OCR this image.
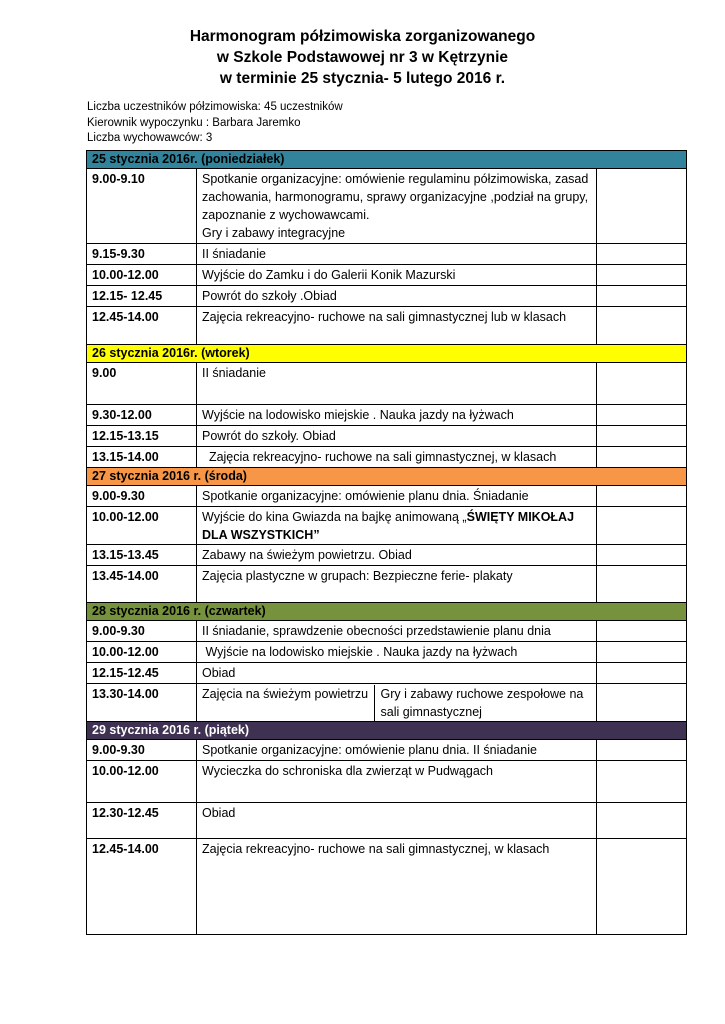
Harmonogram półzimowiska zorganizowanego
w Szkole Podstawowej nr 3 w Kętrzynie
w terminie 25 stycznia- 5 lutego 2016 r.
Liczba uczestników półzimowiska: 45 uczestników
Kierownik wypoczynku : Barbara Jaremko
Liczba wychowawców: 3
25 stycznia 2016r. (poniedziałek)
9.00-9.10	Spotkanie organizacyjne: omówienie regulaminu półzimowiska, zasad zachowania, harmonogramu, sprawy organizacyjne ,podział na grupy, zapoznanie z wychowawcami.
Gry i zabawy integracyjne

9.15-9.30	II śniadanie	
10.00-12.00	Wyjście do Zamku i do Galerii Konik Mazurski	
12.15- 12.45	Powrót do szkoły .Obiad	
12.45-14.00	Zajęcia rekreacyjno- ruchowe na sali gimnastycznej lub w klasach	
26 stycznia 2016r. (wtorek)
9.00	II śniadanie	
9.30-12.00	Wyjście na lodowisko miejskie . Nauka jazdy na łyżwach	
12.15-13.15	Powrót do szkoły. Obiad	
13.15-14.00	Zajęcia rekreacyjno- ruchowe na sali gimnastycznej, w klasach	
27 stycznia 2016 r. (środa)
9.00-9.30	Spotkanie organizacyjne: omówienie planu dnia. Śniadanie	
10.00-12.00	Wyjście do kina Gwiazda na bajkę animowaną „ŚWIĘTY MIKOŁAJ DLA WSZYSTKICH”	
13.15-13.45	Zabawy na świeżym powietrzu. Obiad	
13.45-14.00	Zajęcia plastyczne w grupach: Bezpieczne ferie- plakaty	
28 stycznia 2016 r. (czwartek)
9.00-9.30	II śniadanie, sprawdzenie obecności przedstawienie planu dnia	
10.00-12.00	Wyjście na lodowisko miejskie . Nauka jazdy na łyżwach	
12.15-12.45	Obiad	
13.30-14.00		Zajęcia na świeżym powietrzu	Gry i zabawy ruchowe zespołowe na sali gimnastycznej

29 stycznia 2016 r. (piątek)
9.00-9.30	Spotkanie organizacyjne: omówienie planu dnia. II śniadanie	
10.00-12.00	Wycieczka do schroniska dla zwierząt w Pudwągach	
12.30-12.45	Obiad	
12.45-14.00	Zajęcia rekreacyjno- ruchowe na sali gimnastycznej, w klasach	
